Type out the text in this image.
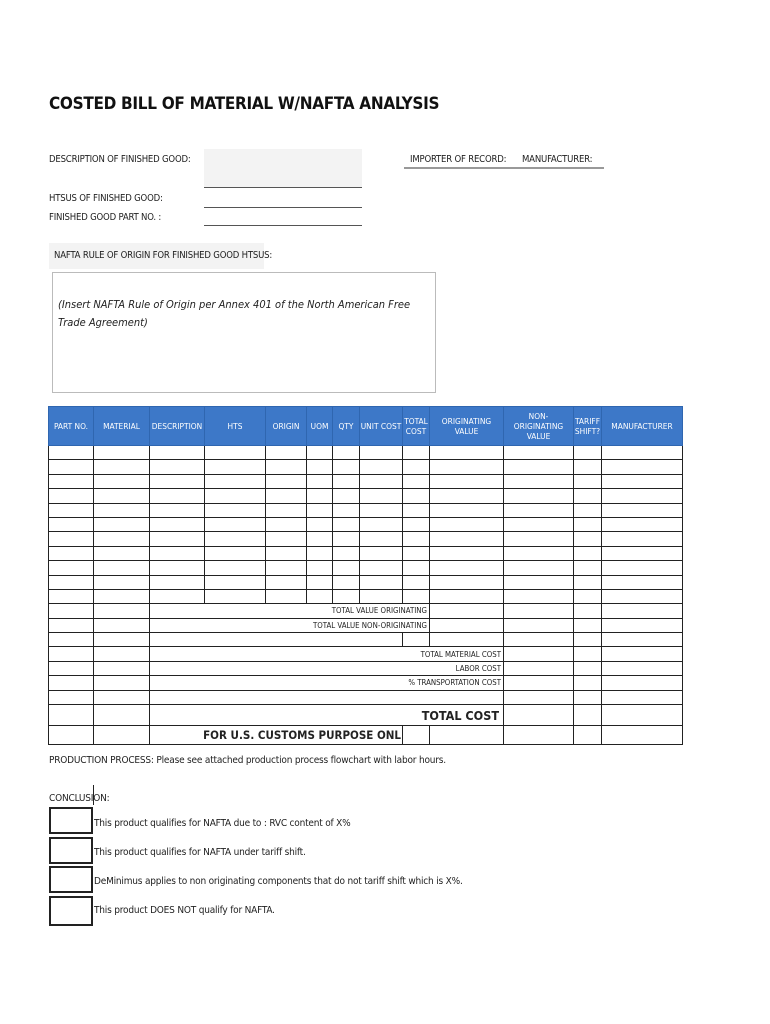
COSTED BILL OF MATERIAL W/NAFTA ANALYSIS
DESCRIPTION OF FINISHED GOOD:	IMPORTER OF RECORD: MANUFACTURER:
HTSUS OF FINISHED GOOD:
FINISHED GOOD PART NO. :
NAFTA RULE OF ORIGIN FOR FINISHED GOOD HTSUS:
(Insert NAFTA Rule of Origin per Annex 401 of the North American Free Trade Agreement)
PART NO.	MATERIAL	DESCRIPTION	HTS	ORIGIN	UOM	QTY	UNIT COST	TOTAL COST	ORIGINATING VALUE	NON-ORIGINATING VALUE	TARIFF SHIFT?	MANUFACTURER

		TOTAL VALUE ORIGINATING										
		TOTAL VALUE NON-ORIGINATING										

		TOTAL MATERIAL COST										
		LABOR COST										
		% TRANSPORTATION COST										

		TOTAL COST										
		FOR U.S. CUSTOMS PURPOSE ONL										
PRODUCTION PROCESS: Please see attached production process flowchart with labor hours.
CONCLUSION:
This product qualifies for NAFTA due to : RVC content of X%
This product qualifies for NAFTA under tariff shift.
DeMinimus applies to non originating components that do not tariff shift which is X%.
This product DOES NOT qualify for NAFTA.
